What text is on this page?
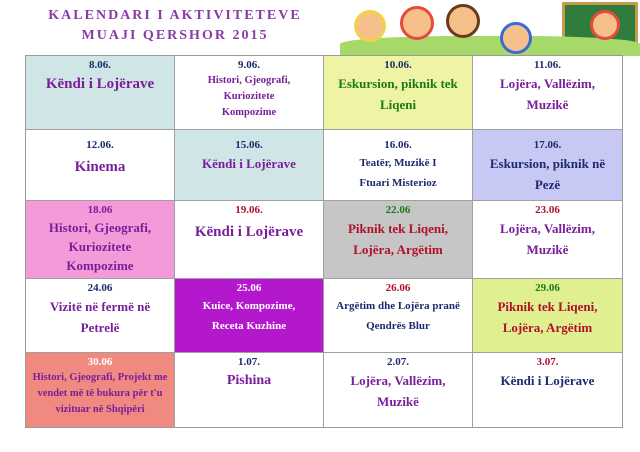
KALENDARI I AKTIVITETEVE
MUAJI QERSHOR 2015
8.06.
Këndi i Lojërave
9.06.
Histori, Gjeografi, Kuriozitete Kompozime
10.06.
Eskursion, piknik tek Liqeni
11.06.
Lojëra, Vallëzim, Muzikë
12.06.
Kinema
15.06.
Këndi i Lojërave
16.06.
Teatër, Muzikë I Ftuari Misterioz
17.06.
Eskursion, piknik në Pezë
18.06
Histori, Gjeografi, Kuriozitete Kompozime
19.06.
Këndi i Lojërave
22.06
Piknik tek Liqeni, Lojëra, Argëtim
23.06
Lojëra, Vallëzim, Muzikë
24.06
Vizitë në fermë në Petrelë
25.06
Kuice, Kompozime, Receta Kuzhine
26.06
Argëtim dhe Lojëra pranë Qendrës Blur
29.06
Piknik tek Liqeni, Lojëra, Argëtim
30.06
Histori, Gjeografi, Projekt me vendet më të bukura për t'u vizituar në Shqipëri
1.07.
Pishina
2.07.
Lojëra, Vallëzim, Muzikë
3.07.
Këndi i Lojërave
